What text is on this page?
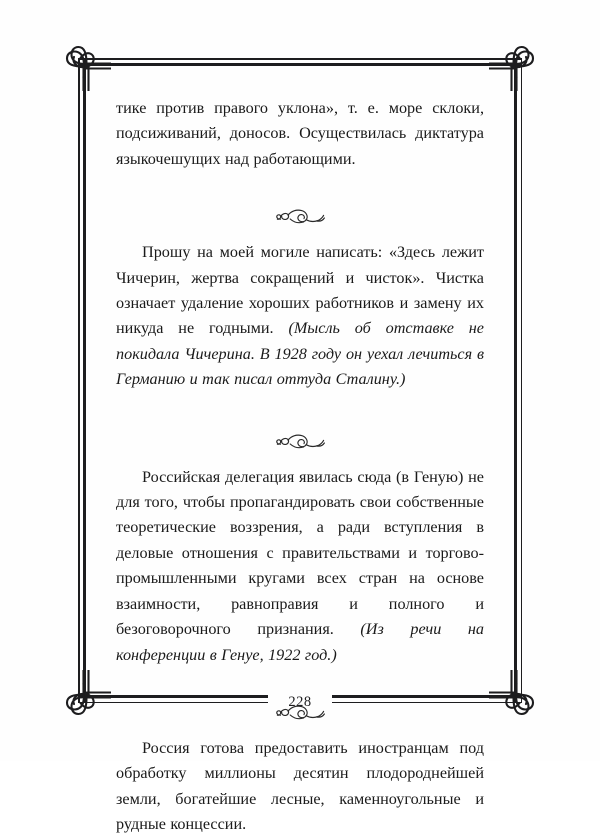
228

тике против правого уклона», т. е. море склоки, подсиживаний, доносов. Осуществилась диктатура языкочешущих над работающими.

Прошу на моей могиле написать: «Здесь лежит Чичерин, жертва сокращений и чисток». Чистка означает удаление хороших работников и замену их никуда не годными. (Мысль об отставке не покидала Чичерина. В 1928 году он уехал лечиться в Германию и так писал оттуда Сталину.)

Российская делегация явилась сюда (в Геную) не для того, чтобы пропагандировать свои собственные теоретические воззрения, а ради вступления в деловые отношения с правительствами и торгово-промышленными кругами всех стран на основе взаимности, равноправия и полного и безоговорочного признания. (Из речи на конференции в Генуе, 1922 год.)

Россия готова предоставить иностранцам под обработку миллионы десятин плодороднейшей земли, богатейшие лесные, каменноугольные и рудные концессии.
